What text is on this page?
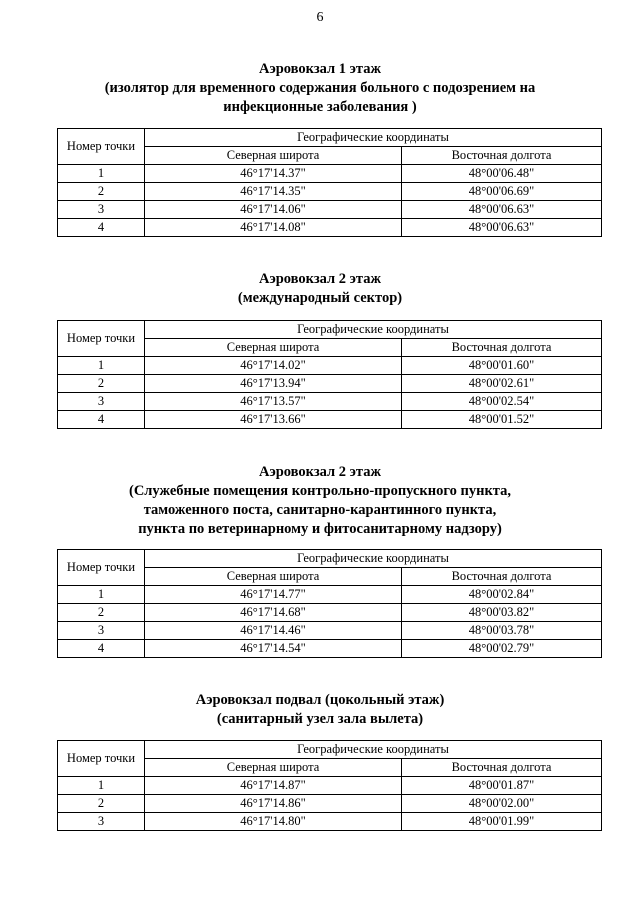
6
Аэровокзал 1 этаж
(изолятор для временного содержания больного с подозрением на
инфекционные заболевания )
Номер точки	Географические координаты	
	Северная широта	Восточная долгота
1	46°17'14.37"	48°00'06.48"
2	46°17'14.35"	48°00'06.69"
3	46°17'14.06"	48°00'06.63"
4	46°17'14.08"	48°00'06.63"
Аэровокзал 2 этаж
(международный сектор)
Номер точки	Географические координаты	
	Северная широта	Восточная долгота
1	46°17'14.02"	48°00'01.60"
2	46°17'13.94"	48°00'02.61"
3	46°17'13.57"	48°00'02.54"
4	46°17'13.66"	48°00'01.52"
Аэровокзал 2 этаж
(Служебные помещения контрольно-пропускного пункта,
таможенного поста, санитарно-карантинного пункта,
пункта по ветеринарному и фитосанитарному надзору)
Номер точки	Географические координаты	
	Северная широта	Восточная долгота
1	46°17'14.77"	48°00'02.84"
2	46°17'14.68"	48°00'03.82"
3	46°17'14.46"	48°00'03.78"
4	46°17'14.54"	48°00'02.79"
Аэровокзал подвал (цокольный этаж)
(санитарный узел зала вылета)
Номер точки	Географические координаты	
	Северная широта	Восточная долгота
1	46°17'14.87"	48°00'01.87"
2	46°17'14.86"	48°00'02.00"
3	46°17'14.80"	48°00'01.99"
